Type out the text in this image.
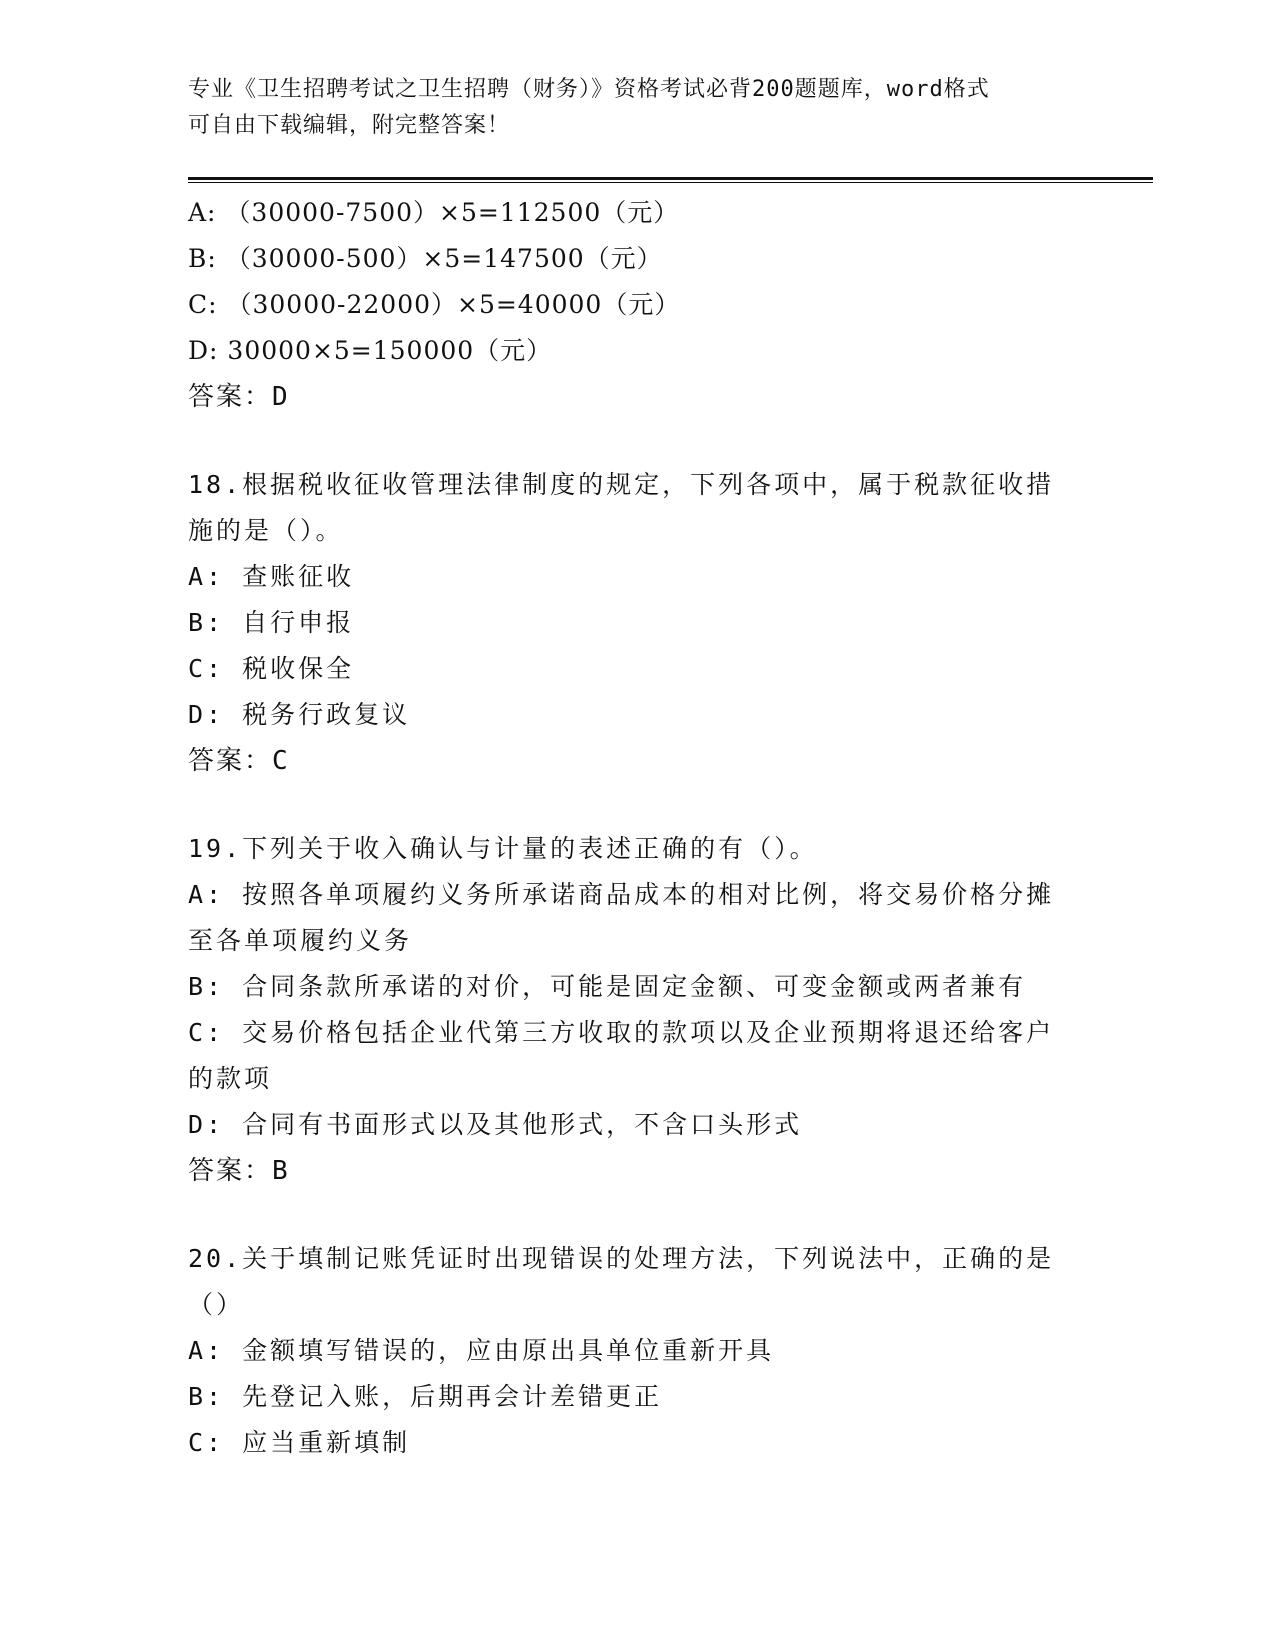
专业《卫生招聘考试之卫生招聘（财务）》资格考试必背200题题库，word格式
可自由下载编辑，附完整答案！
A: （30000-7500）×5=112500（元）
B: （30000-500）×5=147500（元）
C: （30000-22000）×5=40000（元）
D: 30000×5=150000（元）
答案：D
18.根据税收征收管理法律制度的规定，下列各项中，属于税款征收措
施的是（）。
A: 查账征收
B: 自行申报
C: 税收保全
D: 税务行政复议
答案：C
19.下列关于收入确认与计量的表述正确的有（）。
A: 按照各单项履约义务所承诺商品成本的相对比例，将交易价格分摊
至各单项履约义务
B: 合同条款所承诺的对价，可能是固定金额、可变金额或两者兼有
C: 交易价格包括企业代第三方收取的款项以及企业预期将退还给客户
的款项
D: 合同有书面形式以及其他形式，不含口头形式
答案：B
20.关于填制记账凭证时出现错误的处理方法，下列说法中，正确的是
（）
A: 金额填写错误的，应由原出具单位重新开具
B: 先登记入账，后期再会计差错更正
C: 应当重新填制
